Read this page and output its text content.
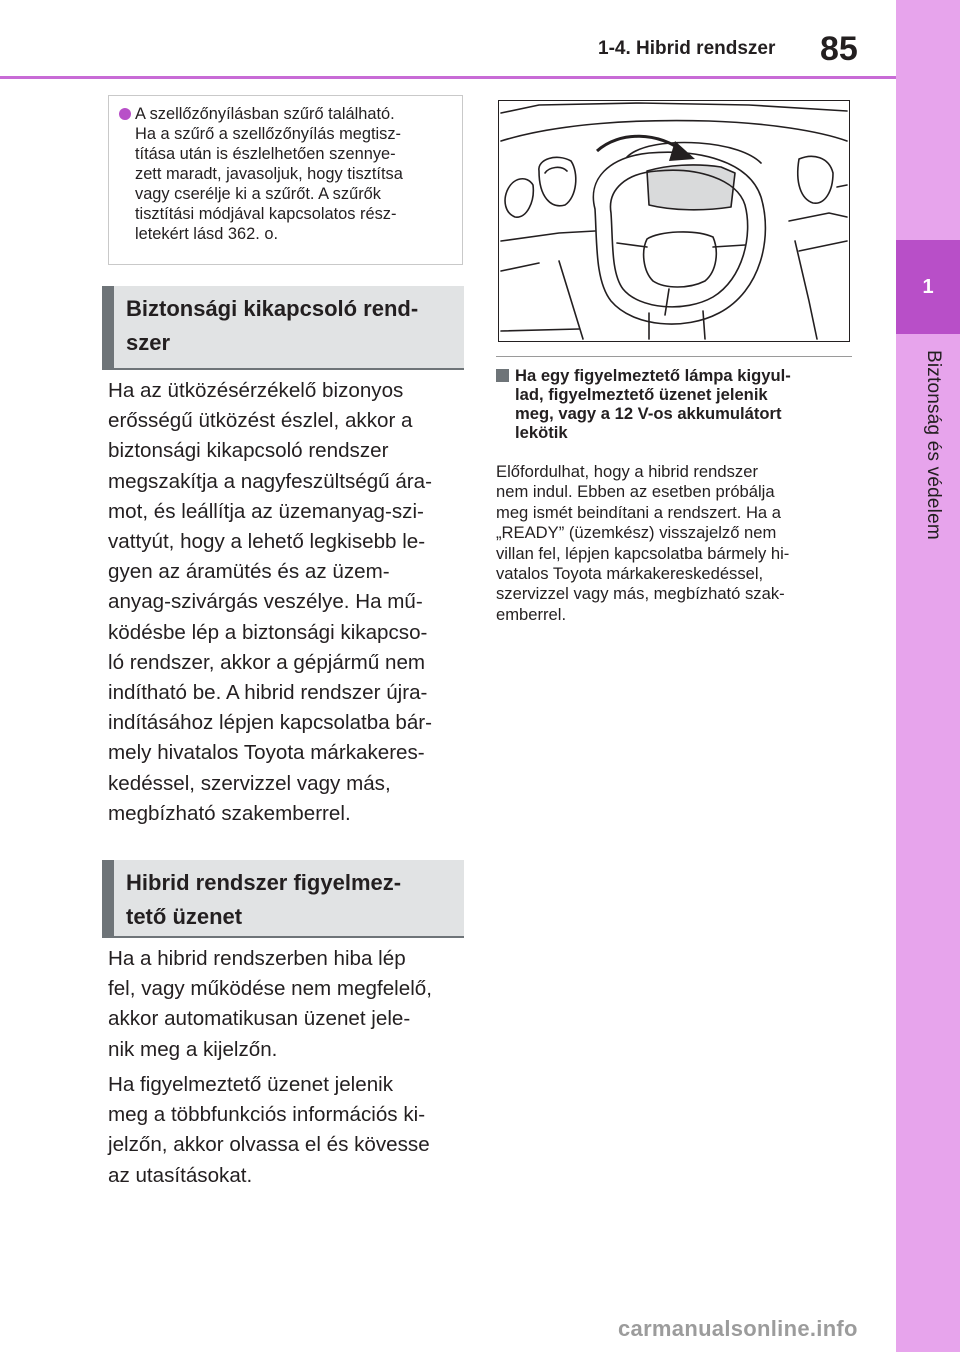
1-4. Hibrid rendszer 85
1
Biztonság és védelem
A szellőzőnyílásban szűrő található.
Ha a szűrő a szellőzőnyílás megtisz-
títása után is észlelhetően szennye-
zett maradt, javasoljuk, hogy tisztítsa
vagy cserélje ki a szűrőt. A szűrők
tisztítási módjával kapcsolatos rész-
letekért lásd 362. o.
Biztonsági kikapcsoló rend-
szer
Ha az ütközésérzékelő bizonyos
erősségű ütközést észlel, akkor a
biztonsági kikapcsoló rendszer
megszakítja a nagyfeszültségű ára-
mot, és leállítja az üzemanyag-szi-
vattyút, hogy a lehető legkisebb le-
gyen az áramütés és az üzem-
anyag-szivárgás veszélye. Ha mű-
ködésbe lép a biztonsági kikapcso-
ló rendszer, akkor a gépjármű nem
indítható be. A hibrid rendszer újra-
indításához lépjen kapcsolatba bár-
mely hivatalos Toyota márkakeres-
kedéssel, szervizzel vagy más,
megbízható szakemberrel.
Hibrid rendszer figyelmez-
tető üzenet
Ha a hibrid rendszerben hiba lép
fel, vagy működése nem megfelelő,
akkor automatikusan üzenet jele-
nik meg a kijelzőn.
Ha figyelmeztető üzenet jelenik
meg a többfunkciós információs ki-
jelzőn, akkor olvassa el és kövesse
az utasításokat.
Ha egy figyelmeztető lámpa kigyul-
lad, figyelmeztető üzenet jelenik
meg, vagy a 12 V-os akkumulátort
lekötik
Előfordulhat, hogy a hibrid rendszer
nem indul. Ebben az esetben próbálja
meg ismét beindítani a rendszert. Ha a
„READY” (üzemkész) visszajelző nem
villan fel, lépjen kapcsolatba bármely hi-
vatalos Toyota márkakereskedéssel,
szervizzel vagy más, megbízható szak-
emberrel.
carmanualsonline.info
